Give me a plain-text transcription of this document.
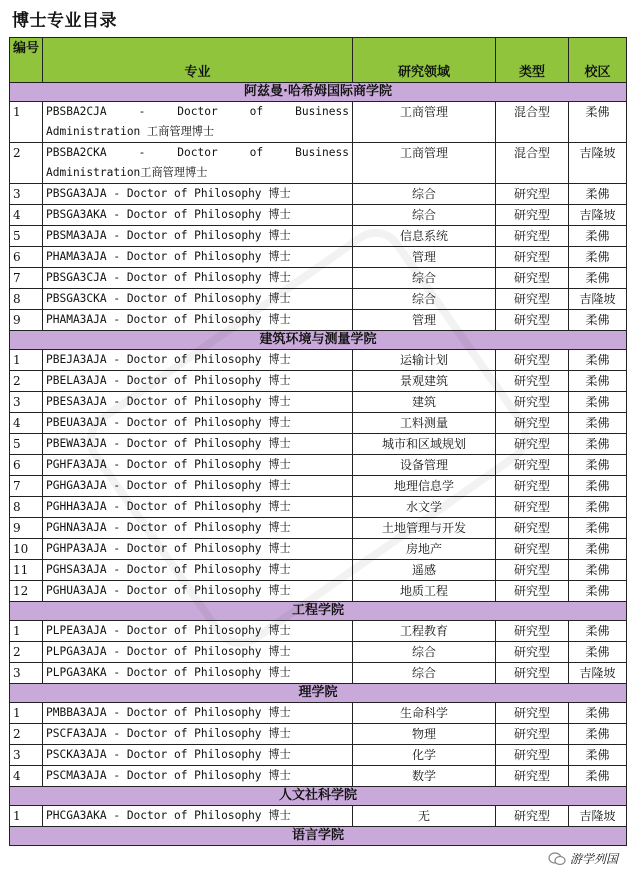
博士专业目录
编号	专业	研究领域	类型	校区
阿兹曼·哈希姆国际商学院				
1	PBSBA2CJA - Doctor of Business Administration 工商管理博士	工商管理	混合型	柔佛
2	PBSBA2CKA - Doctor of Business Administration工商管理博士	工商管理	混合型	吉隆坡
3	PBSGA3AJA - Doctor of Philosophy 博士	综合	研究型	柔佛
4	PBSGA3AKA - Doctor of Philosophy 博士	综合	研究型	吉隆坡
5	PBSMA3AJA - Doctor of Philosophy 博士	信息系统	研究型	柔佛
6	PHAMA3AJA - Doctor of Philosophy 博士	管理	研究型	柔佛
7	PBSGA3CJA - Doctor of Philosophy 博士	综合	研究型	柔佛
8	PBSGA3CKA - Doctor of Philosophy 博士	综合	研究型	吉隆坡
9	PHAMA3AJA - Doctor of Philosophy 博士	管理	研究型	柔佛
建筑环境与测量学院				
1	PBEJA3AJA - Doctor of Philosophy 博士	运输计划	研究型	柔佛
2	PBELA3AJA - Doctor of Philosophy 博士	景观建筑	研究型	柔佛
3	PBESA3AJA - Doctor of Philosophy 博士	建筑	研究型	柔佛
4	PBEUA3AJA - Doctor of Philosophy 博士	工料测量	研究型	柔佛
5	PBEWA3AJA - Doctor of Philosophy 博士	城市和区域规划	研究型	柔佛
6	PGHFA3AJA - Doctor of Philosophy 博士	设备管理	研究型	柔佛
7	PGHGA3AJA - Doctor of Philosophy 博士	地理信息学	研究型	柔佛
8	PGHHA3AJA - Doctor of Philosophy 博士	水文学	研究型	柔佛
9	PGHNA3AJA - Doctor of Philosophy 博士	土地管理与开发	研究型	柔佛
10	PGHPA3AJA - Doctor of Philosophy 博士	房地产	研究型	柔佛
11	PGHSA3AJA - Doctor of Philosophy 博士	遥感	研究型	柔佛
12	PGHUA3AJA - Doctor of Philosophy 博士	地质工程	研究型	柔佛
工程学院				
1	PLPEA3AJA - Doctor of Philosophy 博士	工程教育	研究型	柔佛
2	PLPGA3AJA - Doctor of Philosophy 博士	综合	研究型	柔佛
3	PLPGA3AKA - Doctor of Philosophy 博士	综合	研究型	吉隆坡
理学院				
1	PMBBA3AJA - Doctor of Philosophy 博士	生命科学	研究型	柔佛
2	PSCFA3AJA - Doctor of Philosophy 博士	物理	研究型	柔佛
3	PSCKA3AJA - Doctor of Philosophy 博士	化学	研究型	柔佛
4	PSCMA3AJA - Doctor of Philosophy 博士	数学	研究型	柔佛
人文社科学院				
1	PHCGA3AKA - Doctor of Philosophy 博士	无	研究型	吉隆坡
语言学院				
游学列国
